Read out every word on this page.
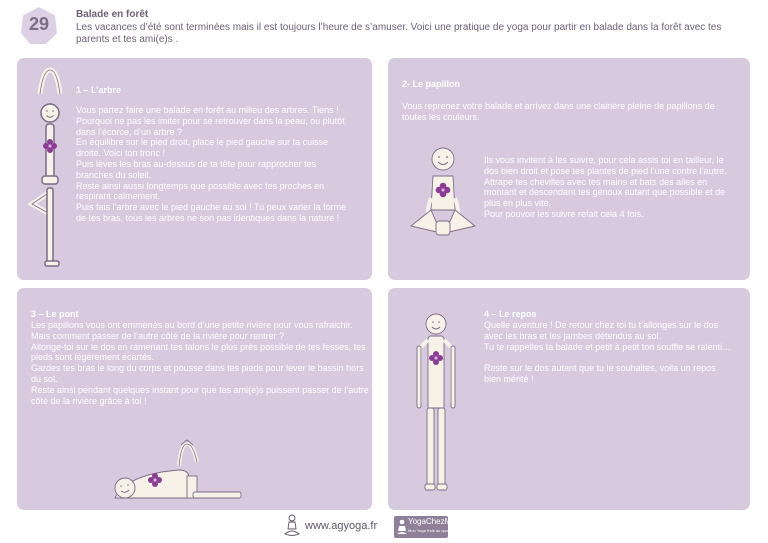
29	Balade en forêt
Les vacances d’été sont terminées mais il est toujours l’heure de s’amuser. Voici une pratique de yoga pour partir en balade dans la forêt avec tes parents et tes ami(e)s .
1 – L’arbre

Vous partez faire une balade en forêt au milieu des arbres. Tiens ! Pourquoi ne pas les imiter pour se retrouver dans la peau, ou plutôt dans l’écorce, d’un arbre ?

En équilibre sur le pied droit, place le pied gauche sur ta cuisse droite. Voici ton tronc !

Puis lèves les bras au-dessus de ta tête pour rapprocher tes branches du soleil.

Reste ainsi aussi longtemps que possible avec tes proches en respirant calmement.

Puis fais l’arbre avec le pied gauche au sol ! Tu peux varier la forme de tes bras, tous les arbres ne son pas identiques dans la nature !

2- Le papillon
Vous reprenez votre balade et arrivez dans une clairière pleine de papillons de toutes les couleurs.

Ils vous invitent à les suivre, pour cela assis toi en tailleur, le dos bien droit et pose tes plantes de pied l’une contre l’autre.

Attrape tes chevilles avec tes mains et bats des ailes en montant et descendant tes genoux autant que possible et de plus en plus vite.

Pour pouvoir les suivre refait cela 4 fois.

3 – Le pont

Les papillons vous ont emmenés au bord d’une petite rivière pour vous rafraichir. Mais comment passer de l’autre côté de la rivière pour rentrer ?

Allonge-toi sur le dos en ramenant tes talons le plus près possible de tes fesses, tes pieds sont légèrement écartés.

Gardes tes bras le long du corps et pousse dans tes pieds pour lever le bassin hors du sol.

Reste ainsi pendant quelques instant pour que tes ami(e)s puissent passer de l’autre côté de la rivière grâce à toi !

4 – Le repos

Quelle aventure ! De retour chez toi tu t’allonges sur le dos avec les bras et les jambes détendus au sol.

Tu te rappelles ta balade et petit à petit ton souffle se ralenti…

Reste sur le dos autant que tu le souhaites, voila un repos bien mérité !

www.agyoga.fr	YogaChezMoi
Mon Yoga Kids au quotidien
